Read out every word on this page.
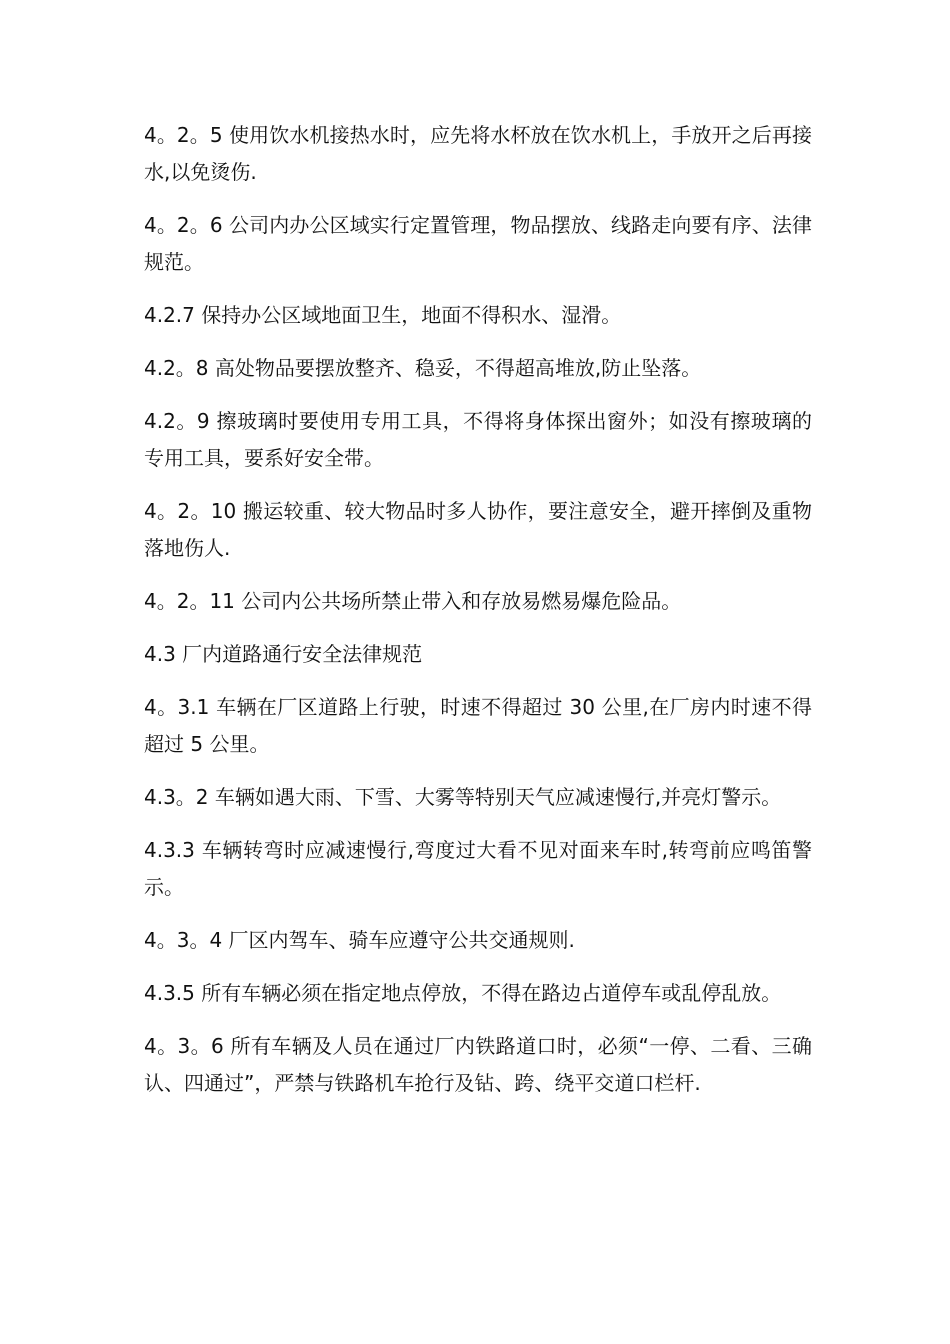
4。2。5 使用饮水机接热水时，应先将水杯放在饮水机上，手放开之后再接水,以免烫伤.

4。2。6 公司内办公区域实行定置管理，物品摆放、线路走向要有序、法律规范。

4.2.7 保持办公区域地面卫生，地面不得积水、湿滑。

4.2。8 高处物品要摆放整齐、稳妥，不得超高堆放,防止坠落。

4.2。9 擦玻璃时要使用专用工具，不得将身体探出窗外；如没有擦玻璃的专用工具，要系好安全带。

4。2。10 搬运较重、较大物品时多人协作，要注意安全，避开摔倒及重物落地伤人.

4。2。11 公司内公共场所禁止带入和存放易燃易爆危险品。

4.3 厂内道路通行安全法律规范

4。3.1 车辆在厂区道路上行驶，时速不得超过 30 公里,在厂房内时速不得超过 5 公里。

4.3。2 车辆如遇大雨、下雪、大雾等特别天气应减速慢行,并亮灯警示。

4.3.3 车辆转弯时应减速慢行,弯度过大看不见对面来车时,转弯前应鸣笛警示。

4。3。4 厂区内驾车、骑车应遵守公共交通规则.

4.3.5 所有车辆必须在指定地点停放，不得在路边占道停车或乱停乱放。

4。3。6 所有车辆及人员在通过厂内铁路道口时，必须“一停、二看、三确认、四通过”，严禁与铁路机车抢行及钻、跨、绕平交道口栏杆.
